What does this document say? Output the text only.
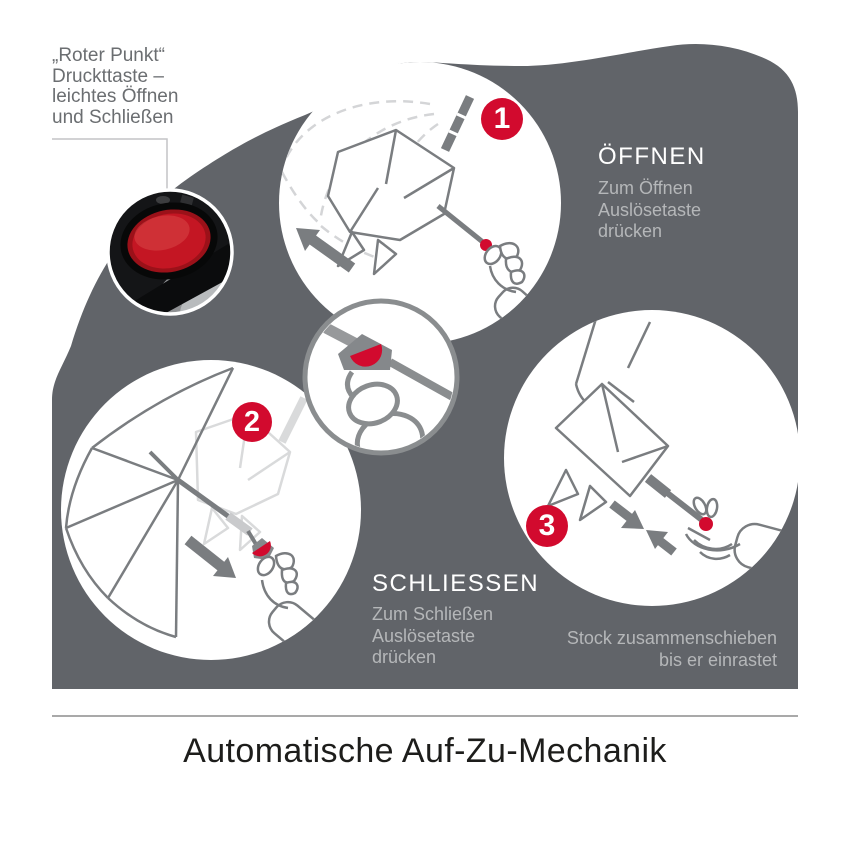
„Roter Punkt“
Druckttaste –
leichtes Öffnen
und Schließen	1
2
3
ÖFFNEN
Zum Öffnen
Auslösetaste
drücken
SCHLIESSEN
Zum Schließen
Auslösetaste
drücken
Stock zusammenschieben
bis er einrastet
Automatische Auf-Zu-Mechanik
